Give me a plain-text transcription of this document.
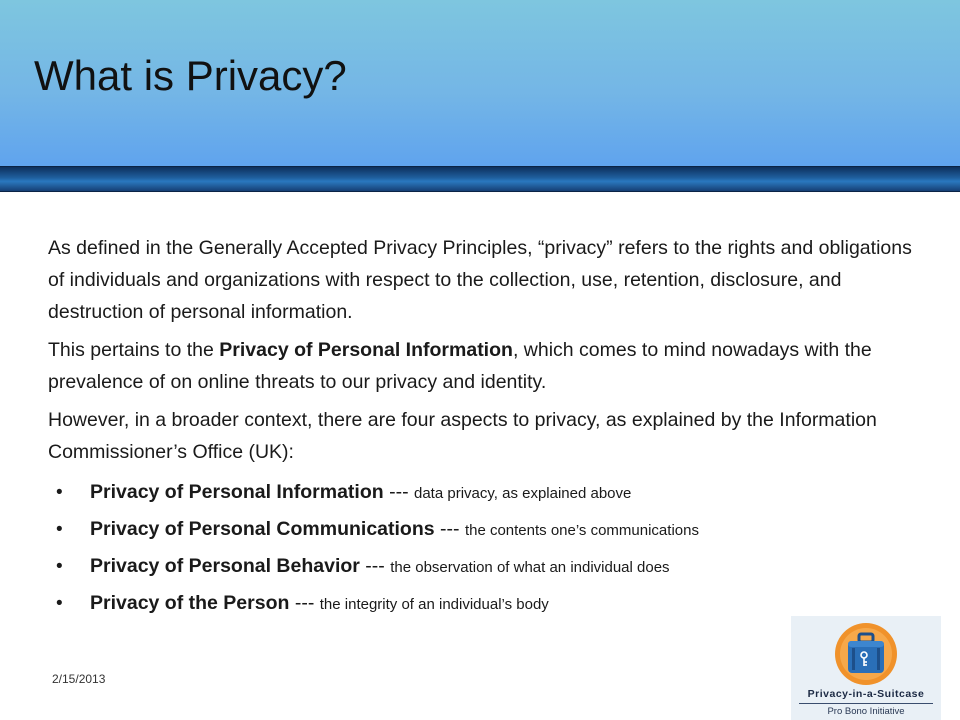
What is Privacy?

As defined in the Generally Accepted Privacy Principles, “privacy” refers to the rights and obligations of individuals and organizations with respect to the collection, use, retention, disclosure, and destruction of personal information.

This pertains to the Privacy of Personal Information, which comes to mind nowadays with the prevalence of on online threats to our privacy and identity.

However, in a broader context, there are four aspects to privacy, as explained by the Information Commissioner’s Office (UK):

• Privacy of Personal Information --- data privacy, as explained above
• Privacy of Personal Communications --- the contents one’s communications
• Privacy of Personal Behavior --- the observation of what an individual does
• Privacy of the Person --- the integrity of an individual’s body
2/15/2013
Privacy-in-a-Suitcase
Pro Bono Initiative
